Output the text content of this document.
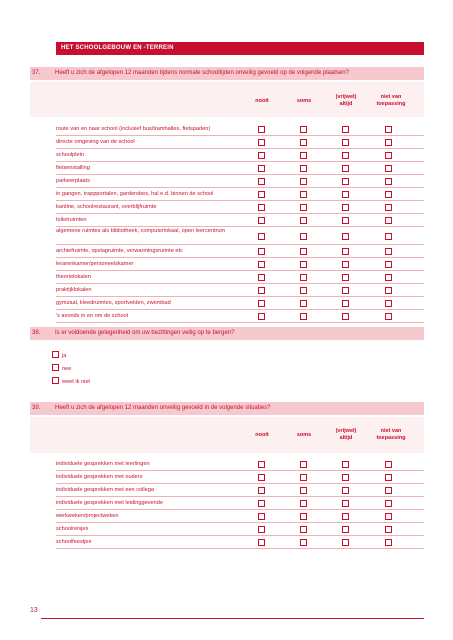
HET SCHOOLGEBOUW EN -TERREIN
37. Heeft u zich de afgelopen 12 maanden tijdens normale schooltijden onveilig gevoeld op de volgende plaatsen?
nooit	soms
(vrijwel) altijd
niet van toepassing
route van en naar school (inclusief bus/tramhaltes, fietspaden)
directe omgeving van de school
schoolplein
fietsenstalling
parkeerplaats
in gangen, trappportalen, garderobes, hal e.d. binnen de school
kantine, schoolrestaurant, overblijfruimte
toiletruimten
algemene ruimtes als bibliotheek, computerlokaal, open leercentrum
archiefruimte, opslagruimte, verwarmingsruimte etc
lerarenkamer/personeelskamer
theorielokalen
praktijklokalen
gymzaal, kleedruimtes, sportvelden, zwembad
's avonds in en om de school
38. Is er voldoende gelegenheid om uw bezittingen veilig op te bergen?
ja
nee
weet ik niet
39. Heeft u zich de afgelopen 12 maanden onveilig gevoeld in de volgende situaties?
nooit	soms
(vrijwel) altijd
niet van toepassing
individuele gesprekken met leerlingen
individuele gesprekken met ouders
individuele gesprekken met een collega
individuele gesprekken met leidinggevende
werkweken/projectweken
schoolreisjes
schoolfeestjes
13
